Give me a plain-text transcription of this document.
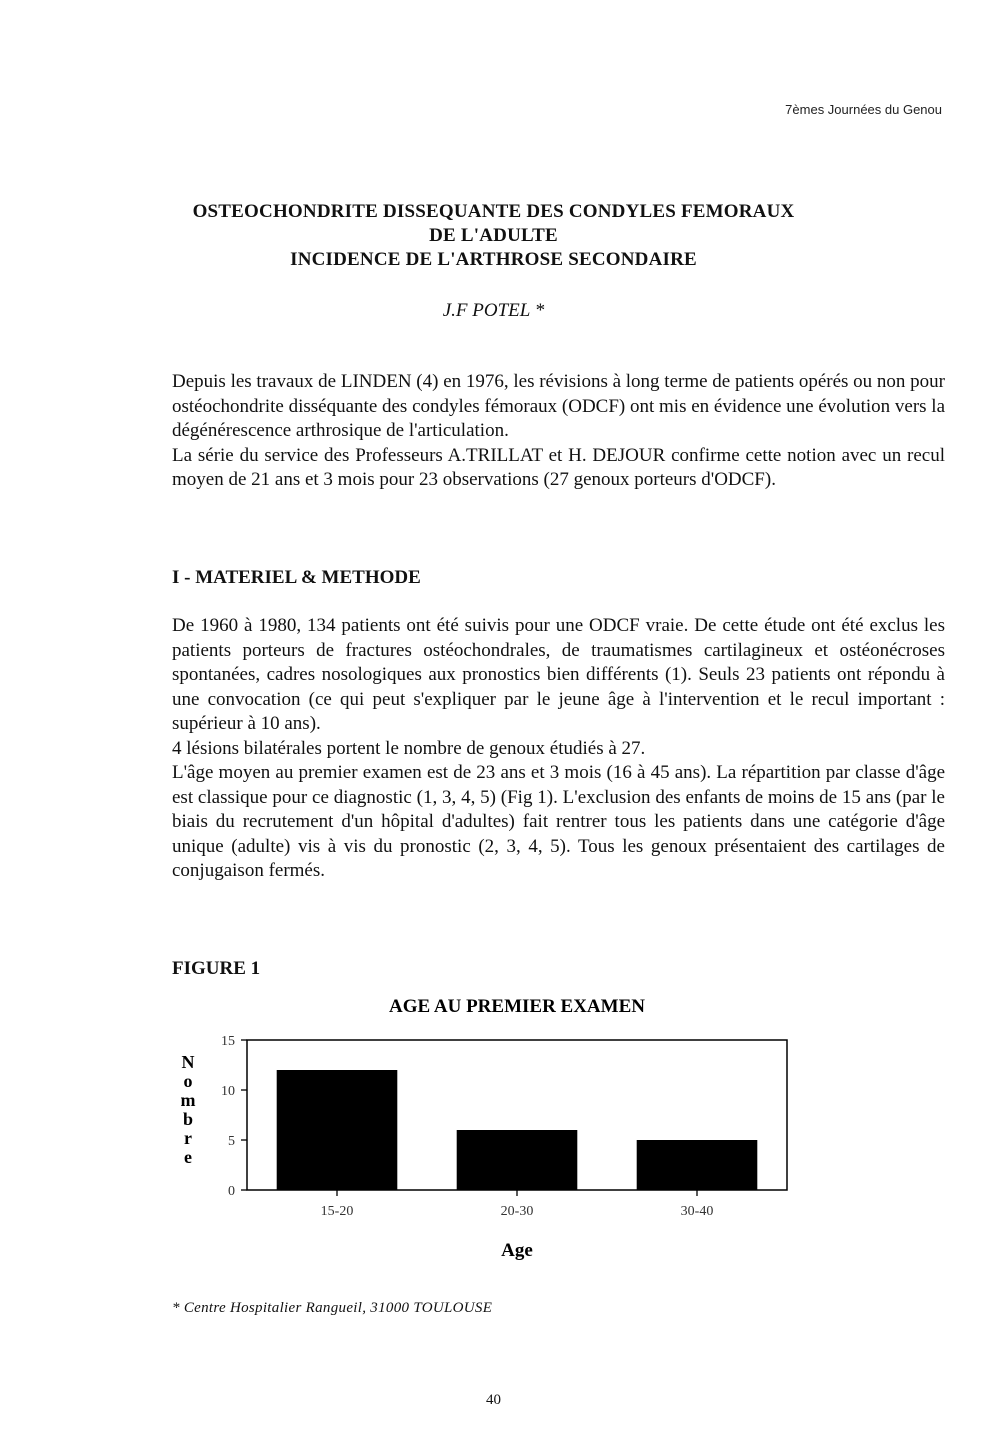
7èmes Journées du Genou
OSTEOCHONDRITE DISSEQUANTE DES CONDYLES FEMORAUX
DE L'ADULTE
INCIDENCE DE L'ARTHROSE SECONDAIRE
J.F POTEL *

Depuis les travaux de LINDEN (4) en 1976, les révisions à long terme de patients opérés ou non pour ostéochondrite disséquante des condyles fémoraux (ODCF) ont mis en évidence une évolution vers la dégénérescence arthrosique de l'articulation.

La série du service des Professeurs A.TRILLAT et H. DEJOUR confirme cette notion avec un recul moyen de 21 ans et 3 mois pour 23 observations (27 genoux porteurs d'ODCF).

I - MATERIEL & METHODE

De 1960 à 1980, 134 patients ont été suivis pour une ODCF vraie. De cette étude ont été exclus les patients porteurs de fractures ostéochondrales, de traumatismes cartilagineux et ostéonécroses spontanées, cadres nosologiques aux pronostics bien différents (1). Seuls 23 patients ont répondu à une convocation (ce qui peut s'expliquer par le jeune âge à l'intervention et le recul important : supérieur à 10 ans).

4 lésions bilatérales portent le nombre de genoux étudiés à 27.

L'âge moyen au premier examen est de 23 ans et 3 mois (16 à 45 ans). La répartition par classe d'âge est classique pour ce diagnostic (1, 3, 4, 5) (Fig 1). L'exclusion des enfants de moins de 15 ans (par le biais du recrutement d'un hôpital d'adultes) fait rentrer tous les patients dans une catégorie d'âge unique (adulte) vis à vis du pronostic (2, 3, 4, 5). Tous les genoux présentaient des cartilages de conjugaison fermés.

FIGURE 1
AGE AU PREMIER EXAMEN
N
o
m
b
r
e
0
5
10
15
15-20	20-30	30-40
Age
* Centre Hospitalier Rangueil, 31000 TOULOUSE
40
